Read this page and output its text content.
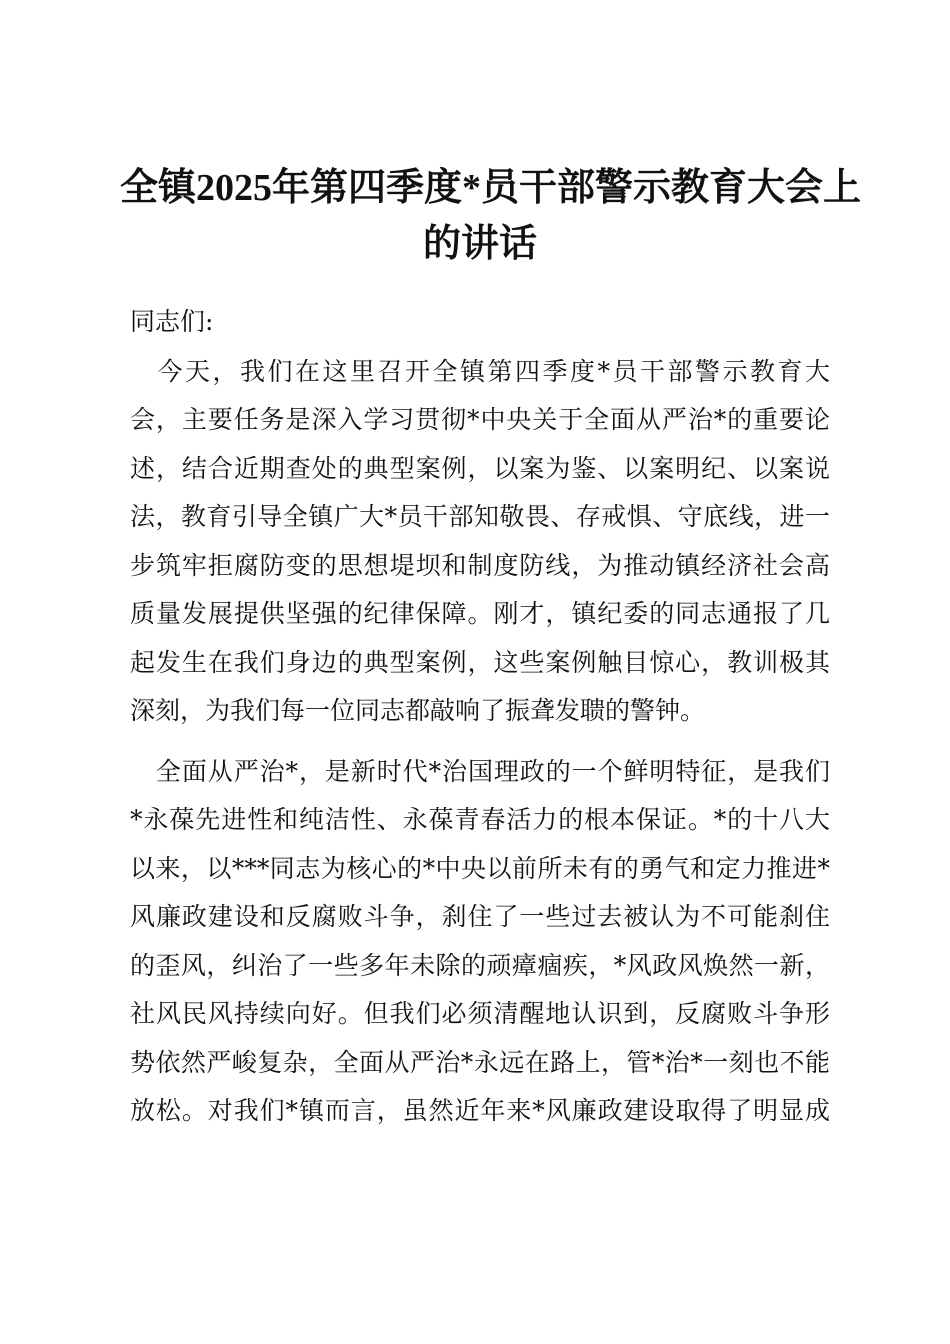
全镇2025年第四季度*员干部警示教育大会上
的讲话
同志们:
　今天，我们在这里召开全镇第四季度*员干部警示教育大
会，主要任务是深入学习贯彻*中央关于全面从严治*的重要论
述，结合近期查处的典型案例，以案为鉴、以案明纪、以案说
法，教育引导全镇广大*员干部知敬畏、存戒惧、守底线，进一
步筑牢拒腐防变的思想堤坝和制度防线，为推动镇经济社会高
质量发展提供坚强的纪律保障。刚才，镇纪委的同志通报了几
起发生在我们身边的典型案例，这些案例触目惊心，教训极其
深刻，为我们每一位同志都敲响了振聋发聩的警钟。
　全面从严治*，是新时代*治国理政的一个鲜明特征，是我们
*永葆先进性和纯洁性、永葆青春活力的根本保证。*的十八大
以来，以***同志为核心的*中央以前所未有的勇气和定力推进*
风廉政建设和反腐败斗争，刹住了一些过去被认为不可能刹住
的歪风，纠治了一些多年未除的顽瘴痼疾，*风政风焕然一新，
社风民风持续向好。但我们必须清醒地认识到，反腐败斗争形
势依然严峻复杂，全面从严治*永远在路上，管*治*一刻也不能
放松。对我们*镇而言，虽然近年来*风廉政建设取得了明显成
